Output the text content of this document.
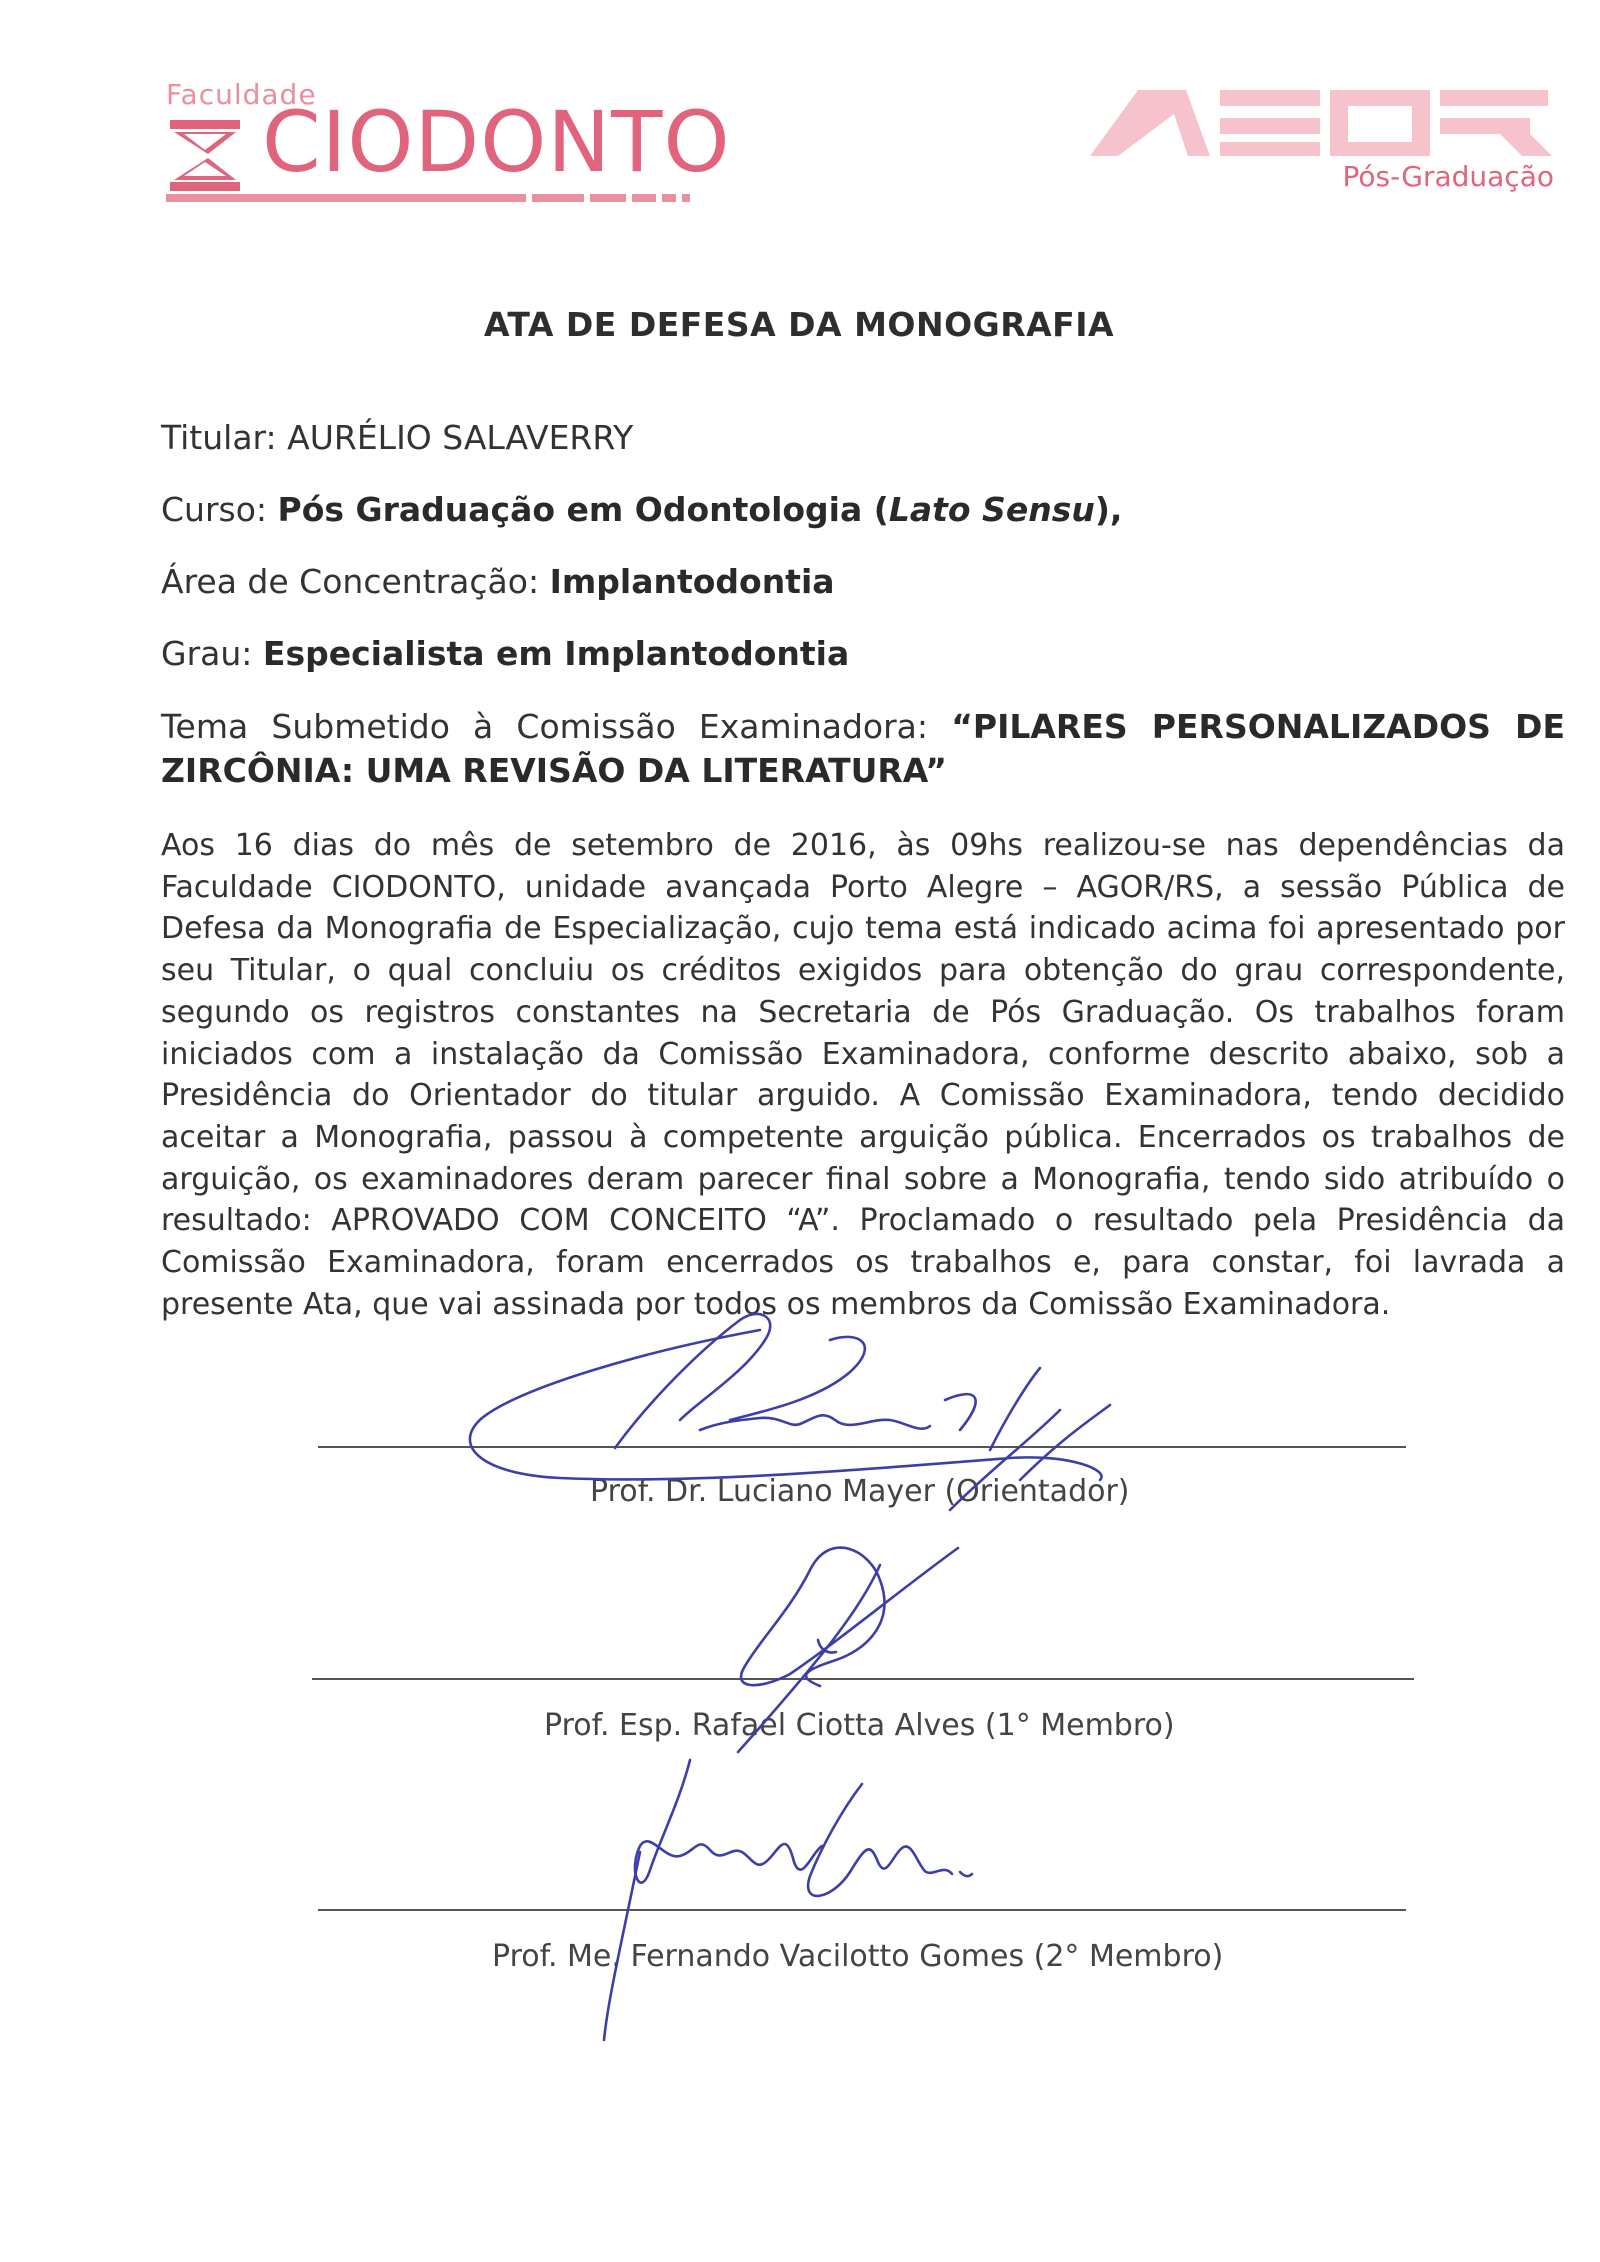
Faculdade
CIODONTO	AGOR
Pós-Graduação
ATA DE DEFESA DA MONOGRAFIA
Titular: AURÉLIO SALAVERRY
Curso: Pós Graduação em Odontologia (Lato Sensu),
Área de Concentração: Implantodontia
Grau: Especialista em Implantodontia
Tema Submetido à Comissão Examinadora: “PILARES PERSONALIZADOS DE ZIRCÔNIA: UMA REVISÃO DA LITERATURA”
Aos 16 dias do mês de setembro de 2016, às 09hs realizou-se nas dependências da Faculdade CIODONTO, unidade avançada Porto Alegre – AGOR/RS, a sessão Pública de Defesa da Monografia de Especialização, cujo tema está indicado acima foi apresentado por seu Titular, o qual concluiu os créditos exigidos para obtenção do grau correspondente, segundo os registros constantes na Secretaria de Pós Graduação. Os trabalhos foram iniciados com a instalação da Comissão Examinadora, conforme descrito abaixo, sob a Presidência do Orientador do titular arguido. A Comissão Examinadora, tendo decidido aceitar a Monografia, passou à competente arguição pública. Encerrados os trabalhos de arguição, os examinadores deram parecer final sobre a Monografia, tendo sido atribuído o resultado: APROVADO COM CONCEITO “A”. Proclamado o resultado pela Presidência da Comissão Examinadora, foram encerrados os trabalhos e, para constar, foi lavrada a presente Ata, que vai assinada por todos os membros da Comissão Examinadora.
Prof. Dr. Luciano Mayer (Orientador)
Prof. Esp. Rafael Ciotta Alves (1° Membro)
Prof. Me. Fernando Vacilotto Gomes (2° Membro)
